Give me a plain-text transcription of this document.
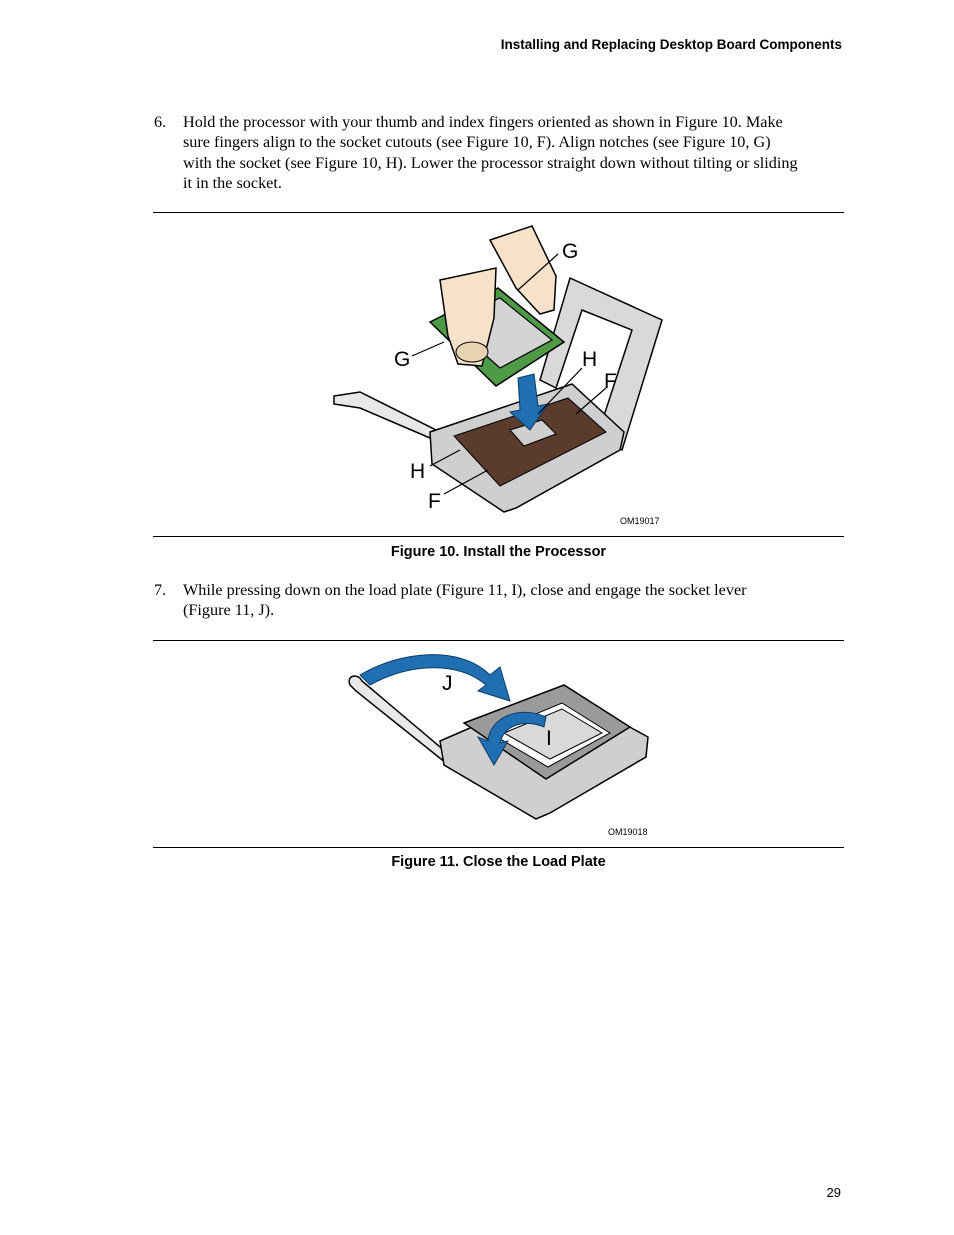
Installing and Replacing Desktop Board Components
6. Hold the processor with your thumb and index fingers oriented as shown in Figure 10. Make
sure fingers align to the socket cutouts (see Figure 10, F). Align notches (see Figure 10, G)
with the socket (see Figure 10, H). Lower the processor straight down without tilting or sliding
it in the socket.
G
G	H
F
H
F
OM19017
Figure 10. Install the Processor
7. While pressing down on the load plate (Figure 11, I), close and engage the socket lever
(Figure 11, J).
J
I
OM19018
Figure 11. Close the Load Plate
29
